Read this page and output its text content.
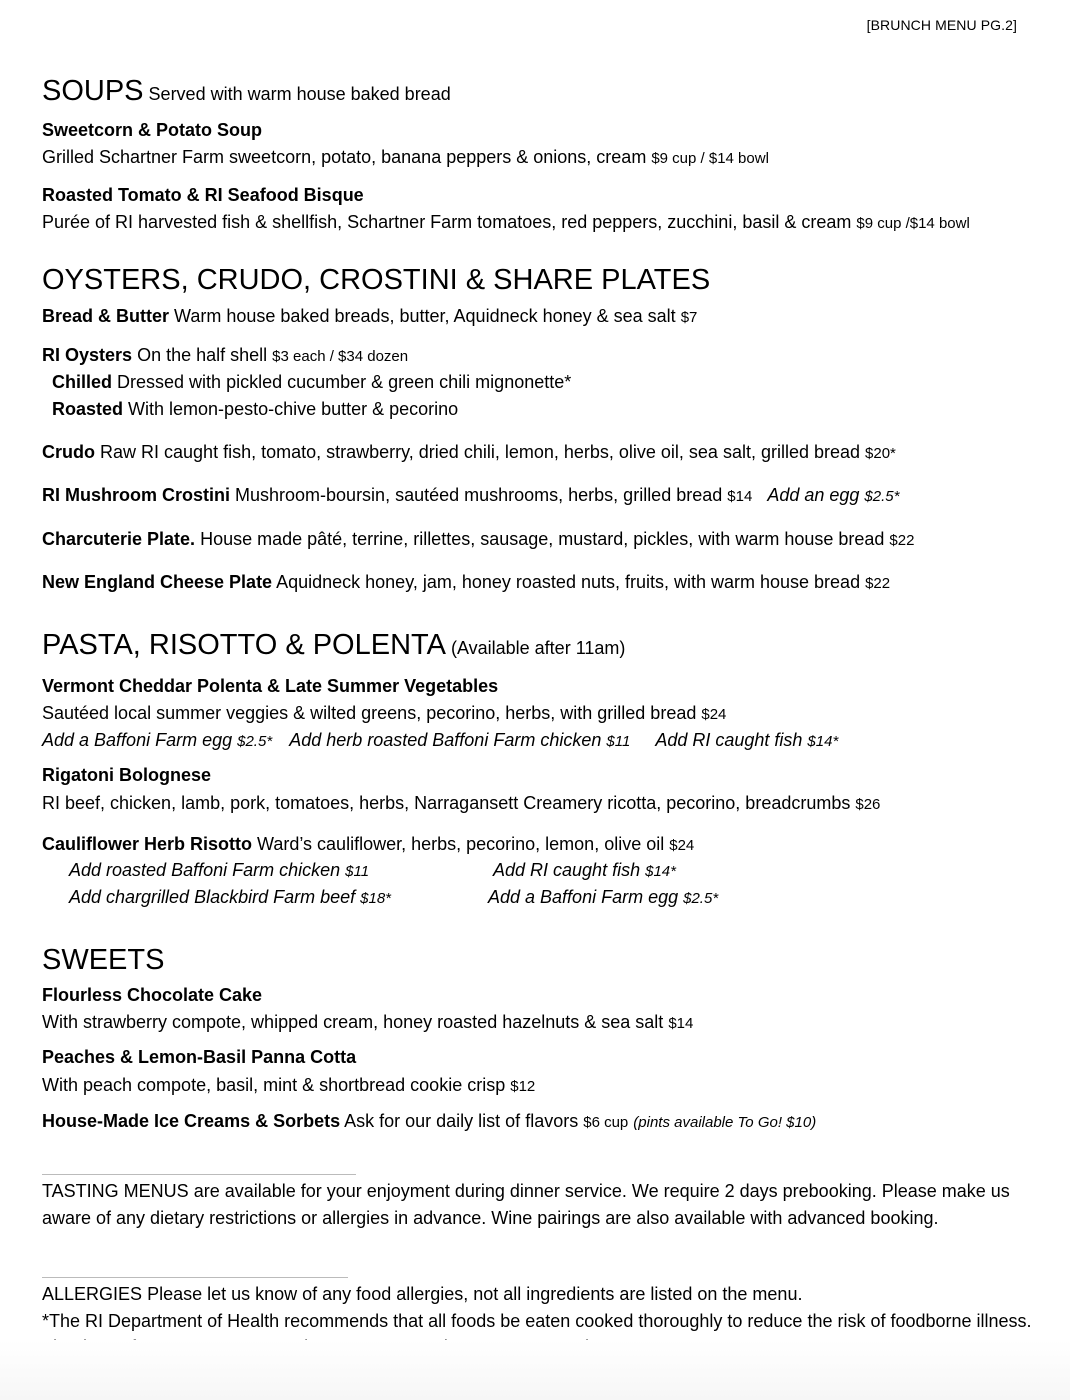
[BRUNCH MENU PG.2]
SOUPS Served with warm house baked bread
Sweetcorn & Potato Soup
Grilled Schartner Farm sweetcorn, potato, banana peppers & onions, cream $9 cup / $14 bowl
Roasted Tomato & RI Seafood Bisque
Purée of RI harvested fish & shellfish, Schartner Farm tomatoes, red peppers, zucchini, basil & cream $9 cup /$14 bowl
OYSTERS, CRUDO, CROSTINI & SHARE PLATES
Bread & Butter Warm house baked breads, butter, Aquidneck honey & sea salt $7
RI Oysters On the half shell $3 each / $34 dozen
Chilled Dressed with pickled cucumber & green chili mignonette*
Roasted With lemon-pesto-chive butter & pecorino
Crudo Raw RI caught fish, tomato, strawberry, dried chili, lemon, herbs, olive oil, sea salt, grilled bread $20*
RI Mushroom Crostini Mushroom-boursin, sautéed mushrooms, herbs, grilled bread $14 Add an egg $2.5*
Charcuterie Plate. House made pâté, terrine, rillettes, sausage, mustard, pickles, with warm house bread $22
New England Cheese Plate Aquidneck honey, jam, honey roasted nuts, fruits, with warm house bread $22
PASTA, RISOTTO & POLENTA (Available after 11am)
Vermont Cheddar Polenta & Late Summer Vegetables
Sautéed local summer veggies & wilted greens, pecorino, herbs, with grilled bread $24
Add a Baffoni Farm egg $2.5* Add herb roasted Baffoni Farm chicken $11 Add RI caught fish $14*
Rigatoni Bolognese
RI beef, chicken, lamb, pork, tomatoes, herbs, Narragansett Creamery ricotta, pecorino, breadcrumbs $26
Cauliflower Herb Risotto Ward’s cauliflower, herbs, pecorino, lemon, olive oil $24
Add roasted Baffoni Farm chicken $11	Add RI caught fish $14*
Add chargrilled Blackbird Farm beef $18*	Add a Baffoni Farm egg $2.5*
SWEETS
Flourless Chocolate Cake
With strawberry compote, whipped cream, honey roasted hazelnuts & sea salt $14
Peaches & Lemon-Basil Panna Cotta
With peach compote, basil, mint & shortbread cookie crisp $12
House-Made Ice Creams & Sorbets Ask for our daily list of flavors $6 cup (pints available To Go! $10)
TASTING MENUS are available for your enjoyment during dinner service. We require 2 days prebooking. Please make us aware of any dietary restrictions or allergies in advance. Wine pairings are also available with advanced booking.
ALLERGIES Please let us know of any food allergies, not all ingredients are listed on the menu.
*The RI Department of Health recommends that all foods be eaten cooked thoroughly to reduce the risk of foodborne illness.
